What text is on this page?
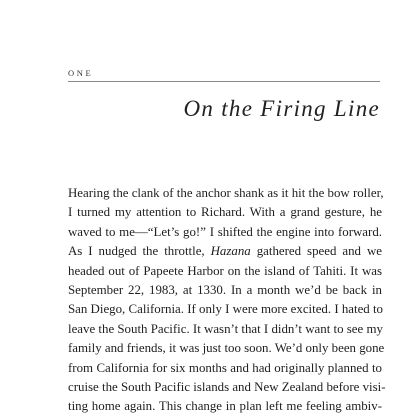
ONE
On the Firing Line
Hearing the clank of the anchor shank as it hit the bow roller,
I turned my attention to Richard. With a grand gesture, he
waved to me—“Let’s go!” I shifted the engine into forward.
As I nudged the throttle, Hazana gathered speed and we
headed out of Papeete Harbor on the island of Tahiti. It was
September 22, 1983, at 1330. In a month we’d be back in
San Diego, California. If only I were more excited. I hated to
leave the South Pacific. It wasn’t that I didn’t want to see my
family and friends, it was just too soon. We’d only been gone
from California for six months and had originally planned to
cruise the South Pacific islands and New Zealand before visi-
ting home again. This change in plan left me feeling ambiv-
